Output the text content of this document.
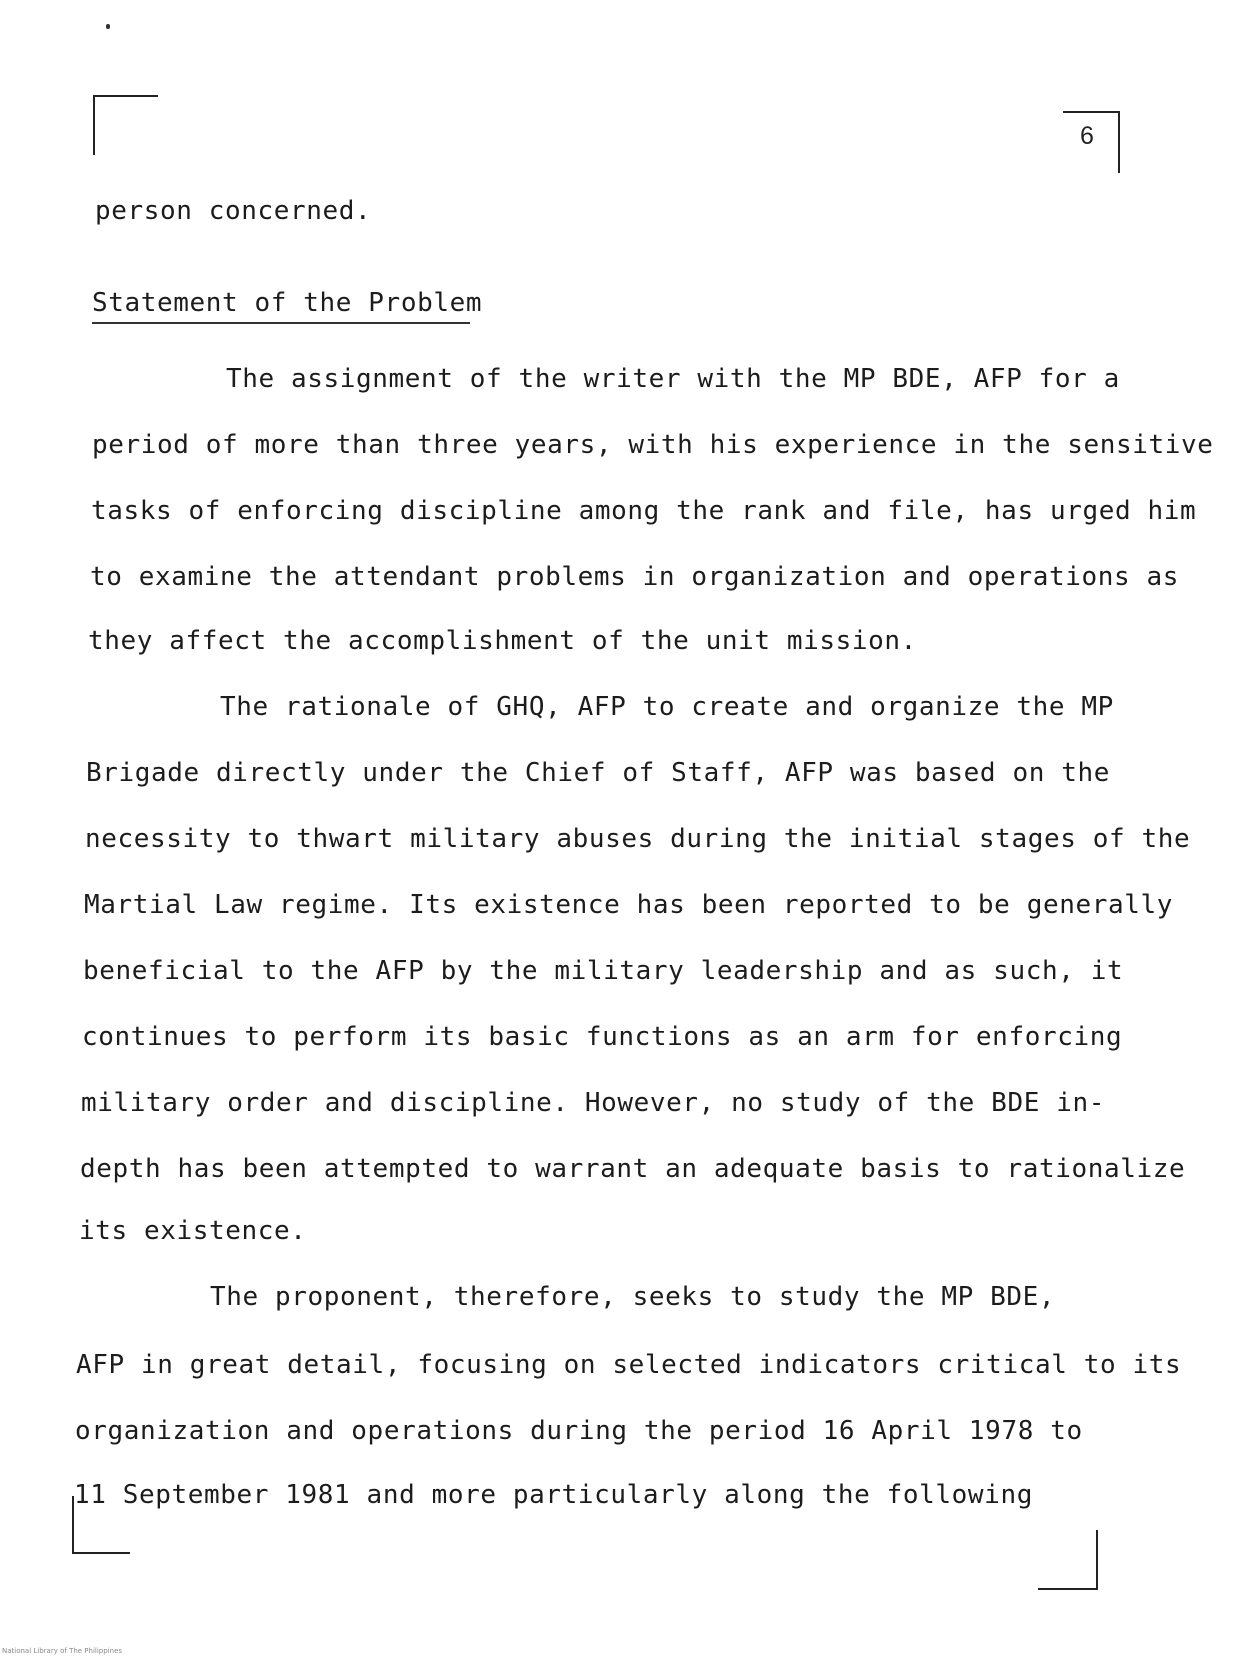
6
person concerned.
Statement of the Problem
The assignment of the writer with the MP BDE, AFP for a
period of more than three years, with his experience in the sensitive
tasks of enforcing discipline among the rank and file, has urged him
to examine the attendant problems in organization and operations as
they affect the accomplishment of the unit mission.
The rationale of GHQ, AFP to create and organize the MP
Brigade directly under the Chief of Staff, AFP was based on the
necessity to thwart military abuses during the initial stages of the
Martial Law regime. Its existence has been reported to be generally
beneficial to the AFP by the military leadership and as such, it
continues to perform its basic functions as an arm for enforcing
military order and discipline. However, no study of the BDE in-
depth has been attempted to warrant an adequate basis to rationalize
its existence.
The proponent, therefore, seeks to study the MP BDE,
AFP in great detail, focusing on selected indicators critical to its
organization and operations during the period 16 April 1978 to
11 September 1981 and more particularly along the following
National Library of The Philippines
